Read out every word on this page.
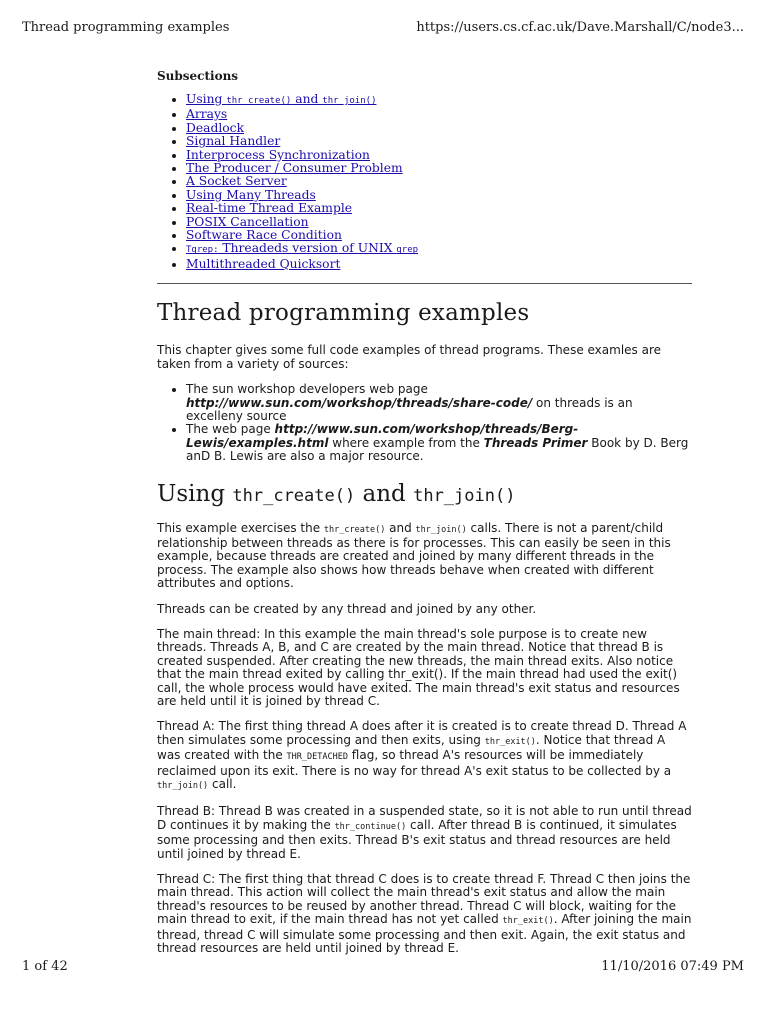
Thread programming examples	https://users.cs.cf.ac.uk/Dave.Marshall/C/node3...
Subsections
• Using thr_create() and thr_join()
• Arrays
• Deadlock
• Signal Handler
• Interprocess Synchronization
• The Producer / Consumer Problem
• A Socket Server
• Using Many Threads
• Real-time Thread Example
• POSIX Cancellation
• Software Race Condition
• Tgrep: Threadeds version of UNIX grep
• Multithreaded Quicksort
Thread programming examples

This chapter gives some full code examples of thread programs. These examles are taken from a variety of sources:

• The sun workshop developers web page http://www.sun.com/workshop/threads/share-code/ on threads is an excelleny source
• The web page http://www.sun.com/workshop/threads/Berg-Lewis/examples.html where example from the Threads Primer Book by D. Berg anD B. Lewis are also a major resource.
Using thr_create() and thr_join()

This example exercises the thr_create() and thr_join() calls. There is not a parent/child relationship between threads as there is for processes. This can easily be seen in this example, because threads are created and joined by many different threads in the process. The example also shows how threads behave when created with different attributes and options.

Threads can be created by any thread and joined by any other.

The main thread: In this example the main thread's sole purpose is to create new threads. Threads A, B, and C are created by the main thread. Notice that thread B is created suspended. After creating the new threads, the main thread exits. Also notice that the main thread exited by calling thr_exit(). If the main thread had used the exit() call, the whole process would have exited. The main thread's exit status and resources are held until it is joined by thread C.

Thread A: The first thing thread A does after it is created is to create thread D. Thread A then simulates some processing and then exits, using thr_exit(). Notice that thread A was created with the THR_DETACHED flag, so thread A's resources will be immediately reclaimed upon its exit. There is no way for thread A's exit status to be collected by a thr_join() call.

Thread B: Thread B was created in a suspended state, so it is not able to run until thread D continues it by making the thr_continue() call. After thread B is continued, it simulates some processing and then exits. Thread B's exit status and thread resources are held until joined by thread E.

Thread C: The first thing that thread C does is to create thread F. Thread C then joins the main thread. This action will collect the main thread's exit status and allow the main thread's resources to be reused by another thread. Thread C will block, waiting for the main thread to exit, if the main thread has not yet called thr_exit(). After joining the main thread, thread C will simulate some processing and then exit. Again, the exit status and thread resources are held until joined by thread E.

1 of 42	11/10/2016 07:49 PM
